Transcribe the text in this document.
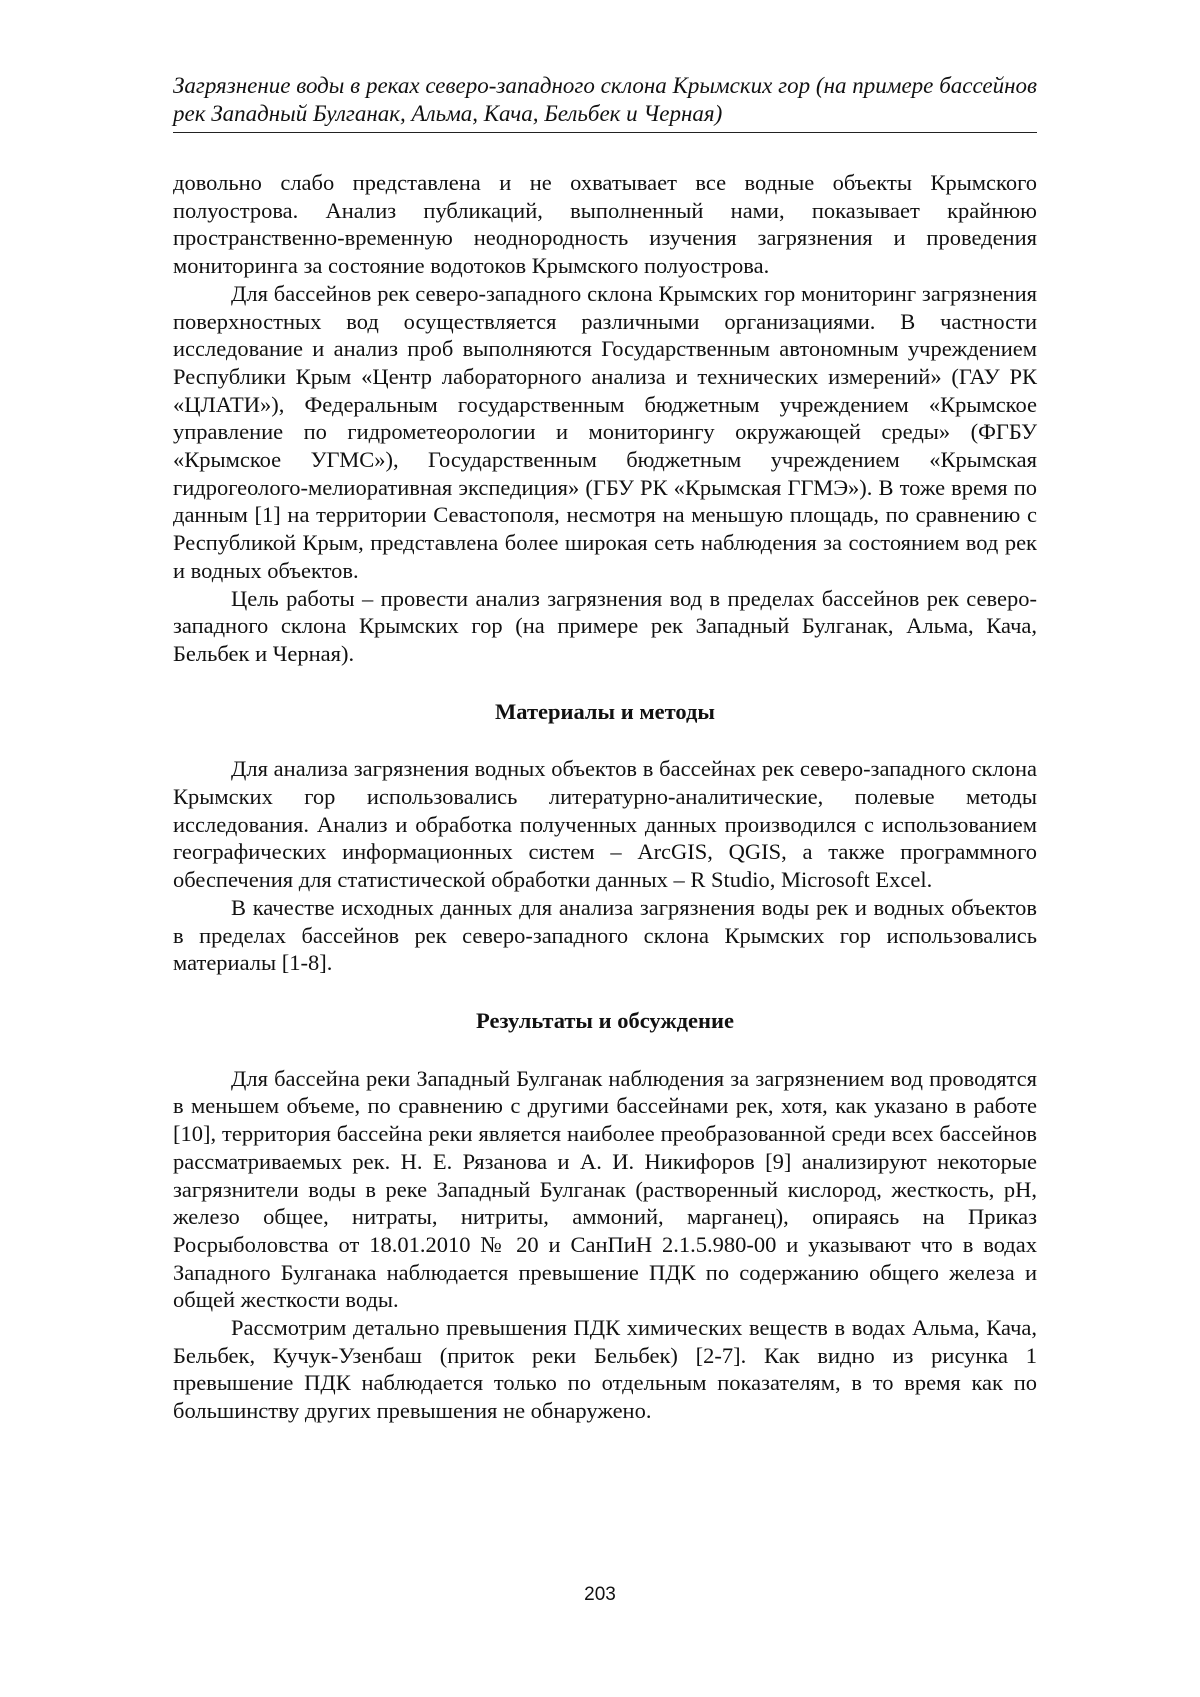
Загрязнение воды в реках северо-западного склона Крымских гор (на примере бассейнов рек Западный Булганак, Альма, Кача, Бельбек и Черная)

довольно слабо представлена и не охватывает все водные объекты Крымского полуострова. Анализ публикаций, выполненный нами, показывает крайнюю пространственно-временную неоднородность изучения загрязнения и проведения мониторинга за состояние водотоков Крымского полуострова.

Для бассейнов рек северо-западного склона Крымских гор мониторинг загрязнения поверхностных вод осуществляется различными организациями. В частности исследование и анализ проб выполняются Государственным автономным учреждением Республики Крым «Центр лабораторного анализа и технических измерений» (ГАУ РК «ЦЛАТИ»), Федеральным государственным бюджетным учреждением «Крымское управление по гидрометеорологии и мониторингу окружающей среды» (ФГБУ «Крымское УГМС»), Государственным бюджетным учреждением «Крымская гидрогеолого-мелиоративная экспедиция» (ГБУ РК «Крымская ГГМЭ»). В тоже время по данным [1] на территории Севастополя, несмотря на меньшую площадь, по сравнению с Республикой Крым, представлена более широкая сеть наблюдения за состоянием вод рек и водных объектов.

Цель работы – провести анализ загрязнения вод в пределах бассейнов рек северо-западного склона Крымских гор (на примере рек Западный Булганак, Альма, Кача, Бельбек и Черная).

Материалы и методы

Для анализа загрязнения водных объектов в бассейнах рек северо-западного склона Крымских гор использовались литературно-аналитические, полевые методы исследования. Анализ и обработка полученных данных производился с использованием географических информационных систем – ArcGIS, QGIS, а также программного обеспечения для статистической обработки данных – R Studio, Microsoft Excel.

В качестве исходных данных для анализа загрязнения воды рек и водных объектов в пределах бассейнов рек северо-западного склона Крымских гор использовались материалы [1-8].

Результаты и обсуждение

Для бассейна реки Западный Булганак наблюдения за загрязнением вод проводятся в меньшем объеме, по сравнению с другими бассейнами рек, хотя, как указано в работе [10], территория бассейна реки является наиболее преобразованной среди всех бассейнов рассматриваемых рек. Н. Е. Рязанова и А. И. Никифоров [9] анализируют некоторые загрязнители воды в реке Западный Булганак (растворенный кислород, жесткость, pH, железо общее, нитраты, нитриты, аммоний, марганец), опираясь на Приказ Росрыболовства от 18.01.2010 № 20 и СанПиН 2.1.5.980-00 и указывают что в водах Западного Булганака наблюдается превышение ПДК по содержанию общего железа и общей жесткости воды.

Рассмотрим детально превышения ПДК химических веществ в водах Альма, Кача, Бельбек, Кучук-Узенбаш (приток реки Бельбек) [2-7]. Как видно из рисунка 1 превышение ПДК наблюдается только по отдельным показателям, в то время как по большинству других превышения не обнаружено.

203
